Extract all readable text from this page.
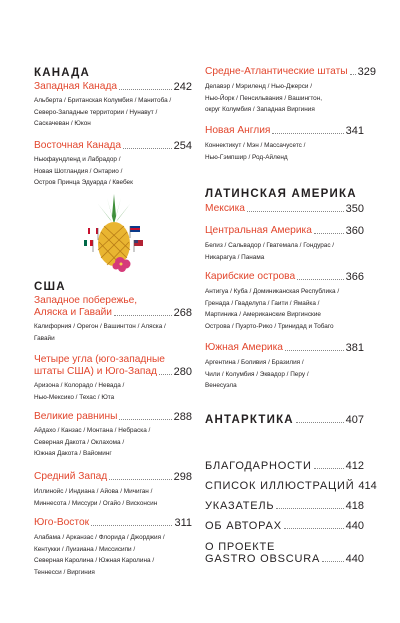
КАНАДА
Западная Канада	242
Альберта / Британская Колумбия / Манитоба /
Северо-Западные территории / Нунавут /
Саскачеван / Юкон
Восточная Канада	254
Ньюфаундленд и Лабрадор /
Новая Шотландия / Онтарио /
Остров Принца Эдуарда / Квебек
США
Западное побережье,
Аляска и Гавайи	268
Калифорния / Орегон / Вашингтон / Аляска /
Гавайи
Четыре угла (юго-западные
штаты США) и Юго-Запад 280
Аризона / Колорадо / Невада /
Нью-Мексико / Техас / Юта
Великие равнины	288
Айдахо / Канзас / Монтана / Небраска /
Северная Дакота / Оклахома /
Южная Дакота / Вайоминг
Средний Запад	298
Иллинойс / Индиана / Айова / Мичиган /
Миннесота / Миссури / Огайо / Висконсин
Юго-Восток	311
Алабама / Арканзас / Флорида / Джорджия /
Кентукки / Луизиана / Миссисипи /
Северная Каролина / Южная Каролина /
Теннесси / Виргиния
Средне-Атлантические штаты 329
Делавэр / Мэриленд / Нью-Джерси /
Нью-Йорк / Пенсильвания / Вашингтон,
округ Колумбия / Западная Виргиния
Новая Англия	341
Коннектикут / Мэн / Массачусетс /
Нью-Гэмпшир / Род-Айленд
ЛАТИНСКАЯ АМЕРИКА
Мексика	350
Центральная Америка	360
Белиз / Сальвадор / Гватемала / Гондурас /
Никарагуа / Панама
Карибские острова	366
Антигуа / Куба / Доминиканская Республика /
Гренада / Гваделупа / Гаити / Ямайка /
Мартиника / Американские Виргинские
Острова / Пуэрто-Рико / Тринидад и Тобаго
Южная Америка	381
Аргентина / Боливия / Бразилия /
Чили / Колумбия / Эквадор / Перу /
Венесуэла
АНТАРКТИКА	407
БЛАГОДАРНОСТИ	412
СПИСОК ИЛЛЮСТРАЦИЙ 414
УКАЗАТЕЛЬ	418
ОБ АВТОРАХ	440
О ПРОЕКТЕ
GASTRO OBSCURA 440
